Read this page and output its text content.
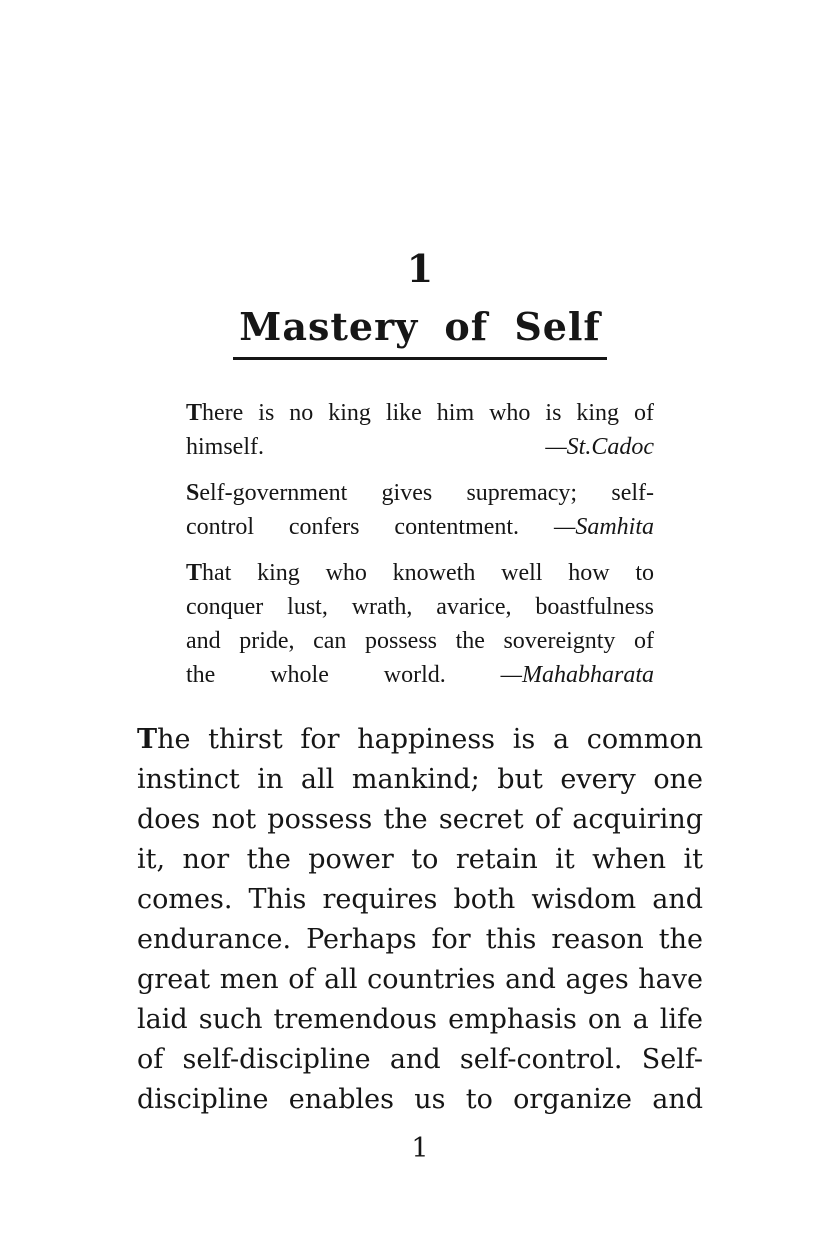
1
Mastery of Self
There is no king like him who is king of
himself.	—St.Cadoc
Self-government gives supremacy; self-
control confers contentment. —Samhita
That king who knoweth well how to
conquer lust, wrath, avarice, boastfulness
and pride, can possess the sovereignty of
the whole world. —Mahabharata
The thirst for happiness is a common
instinct in all mankind; but every one
does not possess the secret of acquiring
it, nor the power to retain it when it
comes. This requires both wisdom and
endurance. Perhaps for this reason the
great men of all countries and ages have
laid such tremendous emphasis on a life
of self-discipline and self-control. Self-
discipline enables us to organize and
1
